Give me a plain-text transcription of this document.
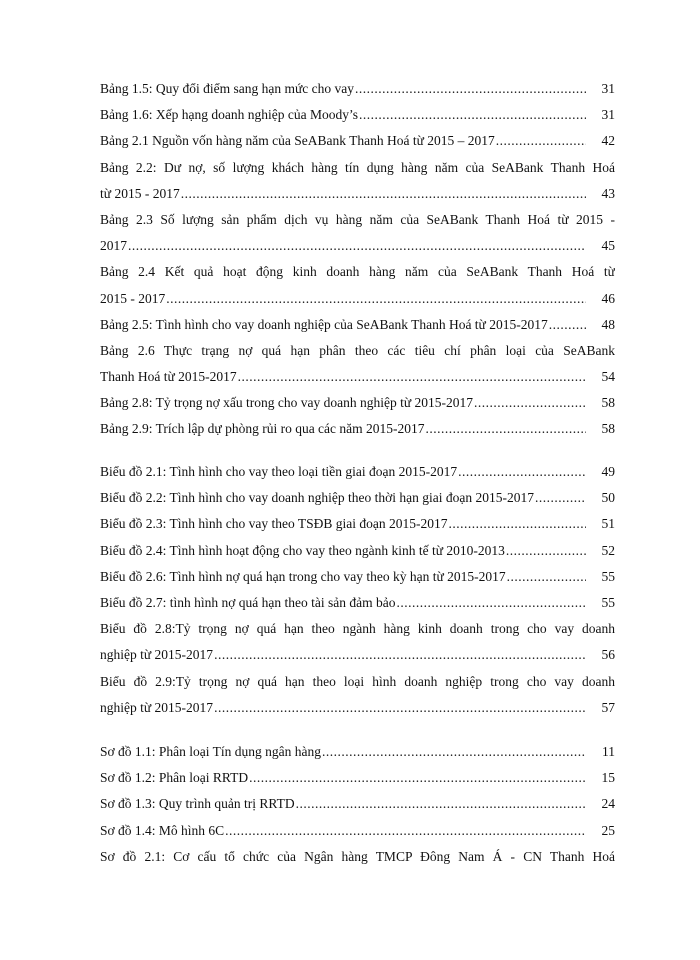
Bảng 1.5: Quy đổi điểm sang hạn mức cho vay .....	31
Bảng 1.6: Xếp hạng doanh nghiệp của Moody’s .....	31
Bảng 2.1 Nguồn vốn hàng năm của SeABank Thanh Hoá từ 2015 – 2017 .....	42
Bảng 2.2: Dư nợ, số lượng khách hàng tín dụng hàng năm của SeABank Thanh Hoá
từ 2015 - 2017 .....	43
Bảng 2.3 Số lượng sản phẩm dịch vụ hàng năm của SeABank Thanh Hoá từ 2015 -
2017 .....	45
Bảng 2.4 Kết quả hoạt động kinh doanh hàng năm của SeABank Thanh Hoá từ
2015 - 2017 .....	46
Bảng 2.5: Tình hình cho vay doanh nghiệp của SeABank Thanh Hoá từ 2015-2017 .....	48
Bảng 2.6 Thực trạng nợ quá hạn phân theo các tiêu chí phân loại của SeABank
Thanh Hoá từ 2015-2017 .....	54
Bảng 2.8: Tỷ trọng nợ xấu trong cho vay doanh nghiệp từ 2015-2017 .....	58
Bảng 2.9: Trích lập dự phòng rủi ro qua các năm 2015-2017 .....	58
Biểu đồ 2.1: Tình hình cho vay theo loại tiền giai đoạn 2015-2017 .....	49
Biểu đồ 2.2: Tình hình cho vay doanh nghiệp theo thời hạn giai đoạn 2015-2017 .....	50
Biểu đồ 2.3: Tình hình cho vay theo TSĐB giai đoạn 2015-2017 .....	51
Biểu đồ 2.4: Tình hình hoạt động cho vay theo ngành kinh tế từ 2010-2013 .....	52
Biểu đồ 2.6: Tình hình nợ quá hạn trong cho vay theo kỳ hạn từ 2015-2017 .....	55
Biểu đồ 2.7: tình hình nợ quá hạn theo tài sản đảm bảo .....	55
Biểu đồ 2.8:Tỷ trọng nợ quá hạn theo ngành hàng kinh doanh trong cho vay doanh
nghiệp từ 2015-2017 .....	56
Biểu đồ 2.9:Tỷ trọng nợ quá hạn theo loại hình doanh nghiệp trong cho vay doanh
nghiệp từ 2015-2017 .....	57
Sơ đồ 1.1: Phân loại Tín dụng ngân hàng .....	11
Sơ đồ 1.2: Phân loại RRTD .....	15
Sơ đồ 1.3: Quy trình quản trị RRTD .....	24
Sơ đồ 1.4: Mô hình 6C .....	25
Sơ đồ 2.1: Cơ cấu tổ chức của Ngân hàng TMCP Đông Nam Á - CN Thanh Hoá
